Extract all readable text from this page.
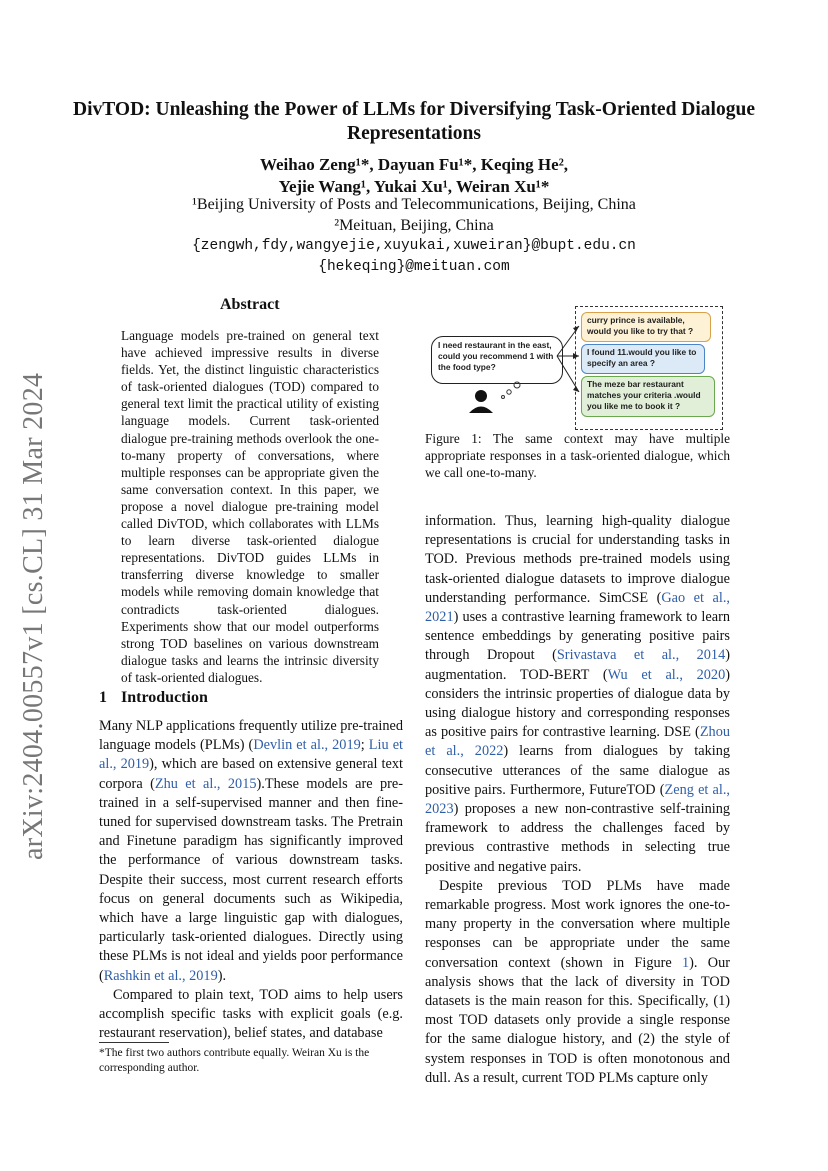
arXiv:2404.00557v1 [cs.CL] 31 Mar 2024
DivTOD: Unleashing the Power of LLMs for Diversifying Task-Oriented Dialogue Representations
Weihao Zeng¹*, Dayuan Fu¹*, Keqing He²,
Yejie Wang¹, Yukai Xu¹, Weiran Xu¹*
¹Beijing University of Posts and Telecommunications, Beijing, China
²Meituan, Beijing, China
{zengwh,fdy,wangyejie,xuyukai,xuweiran}@bupt.edu.cn
{hekeqing}@meituan.com
Abstract
Language models pre-trained on general text have achieved impressive results in diverse fields. Yet, the distinct linguistic characteristics of task-oriented dialogues (TOD) compared to general text limit the practical utility of existing language models. Current task-oriented dialogue pre-training methods overlook the one-to-many property of conversations, where multiple responses can be appropriate given the same conversation context. In this paper, we propose a novel dialogue pre-training model called DivTOD, which collaborates with LLMs to learn diverse task-oriented dialogue representations. DivTOD guides LLMs in transferring diverse knowledge to smaller models while removing domain knowledge that contradicts task-oriented dialogues. Experiments show that our model outperforms strong TOD baselines on various downstream dialogue tasks and learns the intrinsic diversity of task-oriented dialogues.
1 Introduction

Many NLP applications frequently utilize pre-trained language models (PLMs) (Devlin et al., 2019; Liu et al., 2019), which are based on extensive general text corpora (Zhu et al., 2015).These models are pre-trained in a self-supervised manner and then fine-tuned for supervised downstream tasks. The Pretrain and Finetune paradigm has significantly improved the performance of various downstream tasks. Despite their success, most current research efforts focus on general documents such as Wikipedia, which have a large linguistic gap with dialogues, particularly task-oriented dialogues. Directly using these PLMs is not ideal and yields poor performance (Rashkin et al., 2019).

Compared to plain text, TOD aims to help users accomplish specific tasks with explicit goals (e.g. restaurant reservation), belief states, and database

*The first two authors contribute equally. Weiran Xu is the corresponding author.
I need restaurant in the east, could you recommend 1 with the food type?
curry prince is available, would you like to try that ?
I found 11.would you like to specify an area ?
The meze bar restaurant matches your criteria .would you like me to book it ?
Figure 1: The same context may have multiple appropriate responses in a task-oriented dialogue, which we call one-to-many.

information. Thus, learning high-quality dialogue representations is crucial for understanding tasks in TOD. Previous methods pre-trained models using task-oriented dialogue datasets to improve dialogue understanding performance. SimCSE (Gao et al., 2021) uses a contrastive learning framework to learn sentence embeddings by generating positive pairs through Dropout (Srivastava et al., 2014) augmentation. TOD-BERT (Wu et al., 2020) considers the intrinsic properties of dialogue data by using dialogue history and corresponding responses as positive pairs for contrastive learning. DSE (Zhou et al., 2022) learns from dialogues by taking consecutive utterances of the same dialogue as positive pairs. Furthermore, FutureTOD (Zeng et al., 2023) proposes a new non-contrastive self-training framework to address the challenges faced by previous contrastive methods in selecting true positive and negative pairs.

Despite previous TOD PLMs have made remarkable progress. Most work ignores the one-to-many property in the conversation where multiple responses can be appropriate under the same conversation context (shown in Figure 1). Our analysis shows that the lack of diversity in TOD datasets is the main reason for this. Specifically, (1) most TOD datasets only provide a single response for the same dialogue history, and (2) the style of system responses in TOD is often monotonous and dull. As a result, current TOD PLMs capture only
